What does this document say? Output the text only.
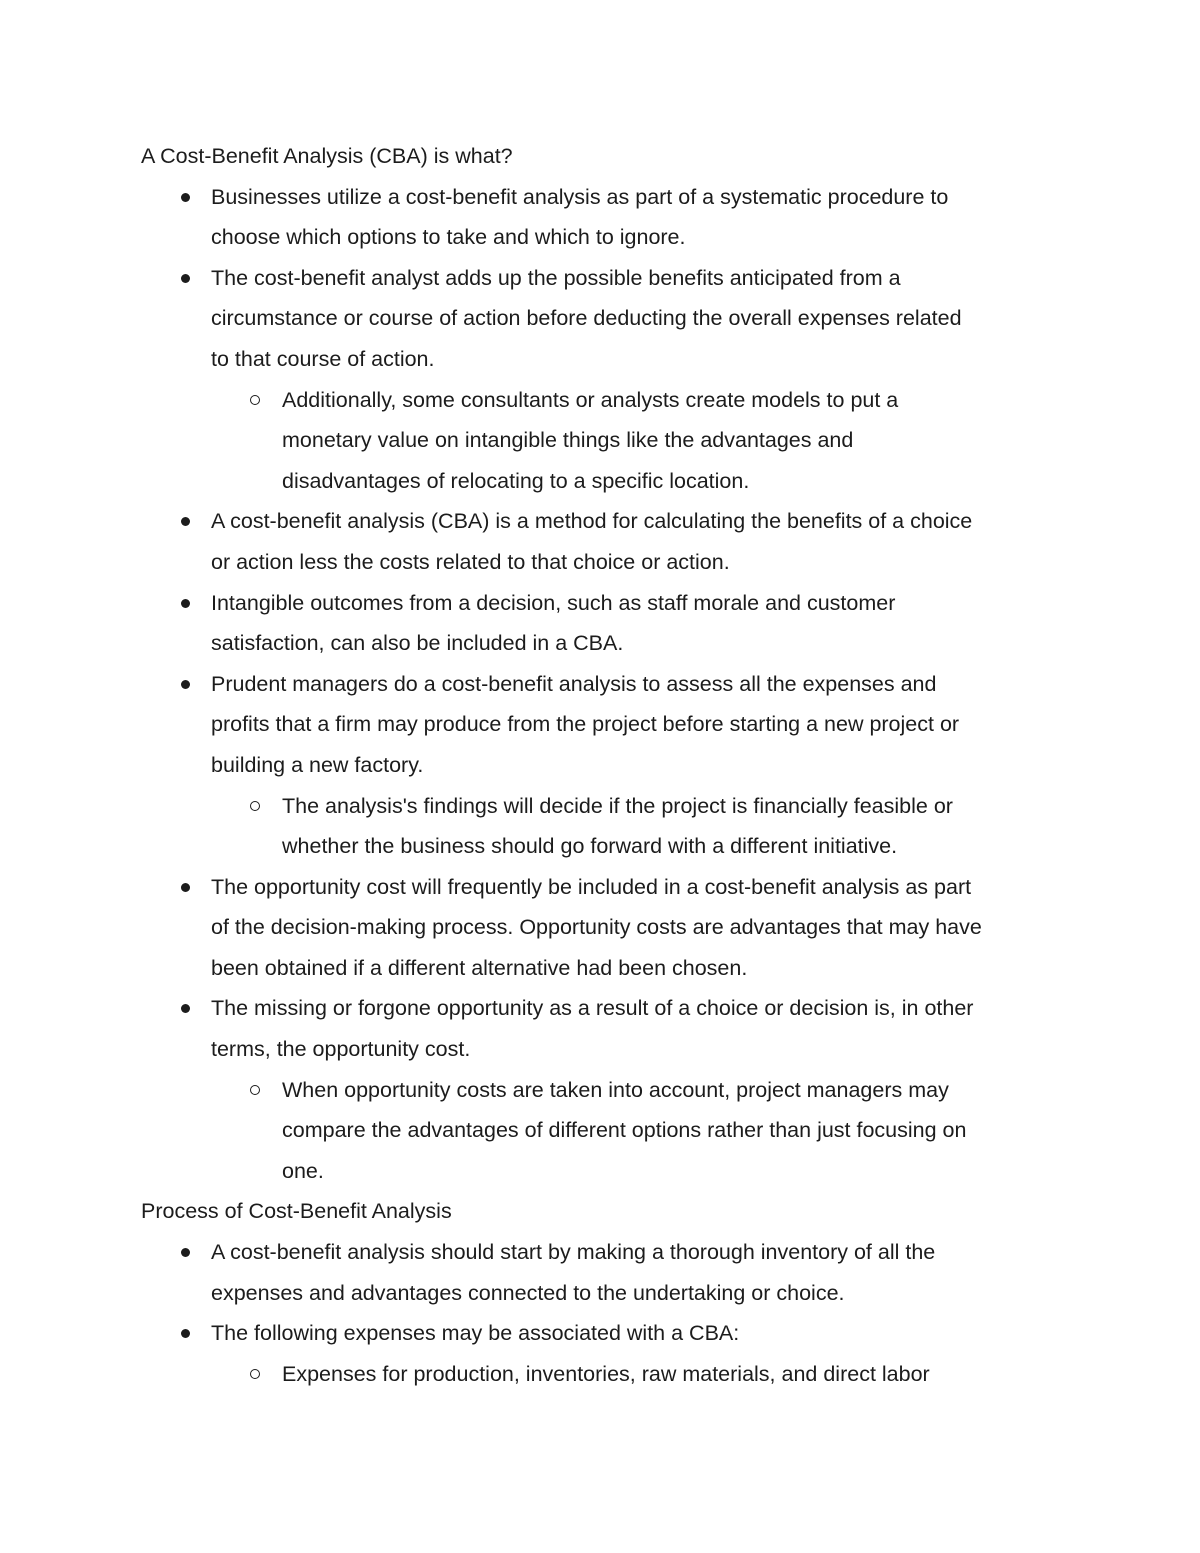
A Cost-Benefit Analysis (CBA) is what?
Businesses utilize a cost-benefit analysis as part of a systematic procedure to
choose which options to take and which to ignore.
The cost-benefit analyst adds up the possible benefits anticipated from a
circumstance or course of action before deducting the overall expenses related
to that course of action.
Additionally, some consultants or analysts create models to put a
monetary value on intangible things like the advantages and
disadvantages of relocating to a specific location.
A cost-benefit analysis (CBA) is a method for calculating the benefits of a choice
or action less the costs related to that choice or action.
Intangible outcomes from a decision, such as staff morale and customer
satisfaction, can also be included in a CBA.
Prudent managers do a cost-benefit analysis to assess all the expenses and
profits that a firm may produce from the project before starting a new project or
building a new factory.
The analysis's findings will decide if the project is financially feasible or
whether the business should go forward with a different initiative.
The opportunity cost will frequently be included in a cost-benefit analysis as part
of the decision-making process. Opportunity costs are advantages that may have
been obtained if a different alternative had been chosen.
The missing or forgone opportunity as a result of a choice or decision is, in other
terms, the opportunity cost.
When opportunity costs are taken into account, project managers may
compare the advantages of different options rather than just focusing on
one.
Process of Cost-Benefit Analysis
A cost-benefit analysis should start by making a thorough inventory of all the
expenses and advantages connected to the undertaking or choice.
The following expenses may be associated with a CBA:
Expenses for production, inventories, raw materials, and direct labor
